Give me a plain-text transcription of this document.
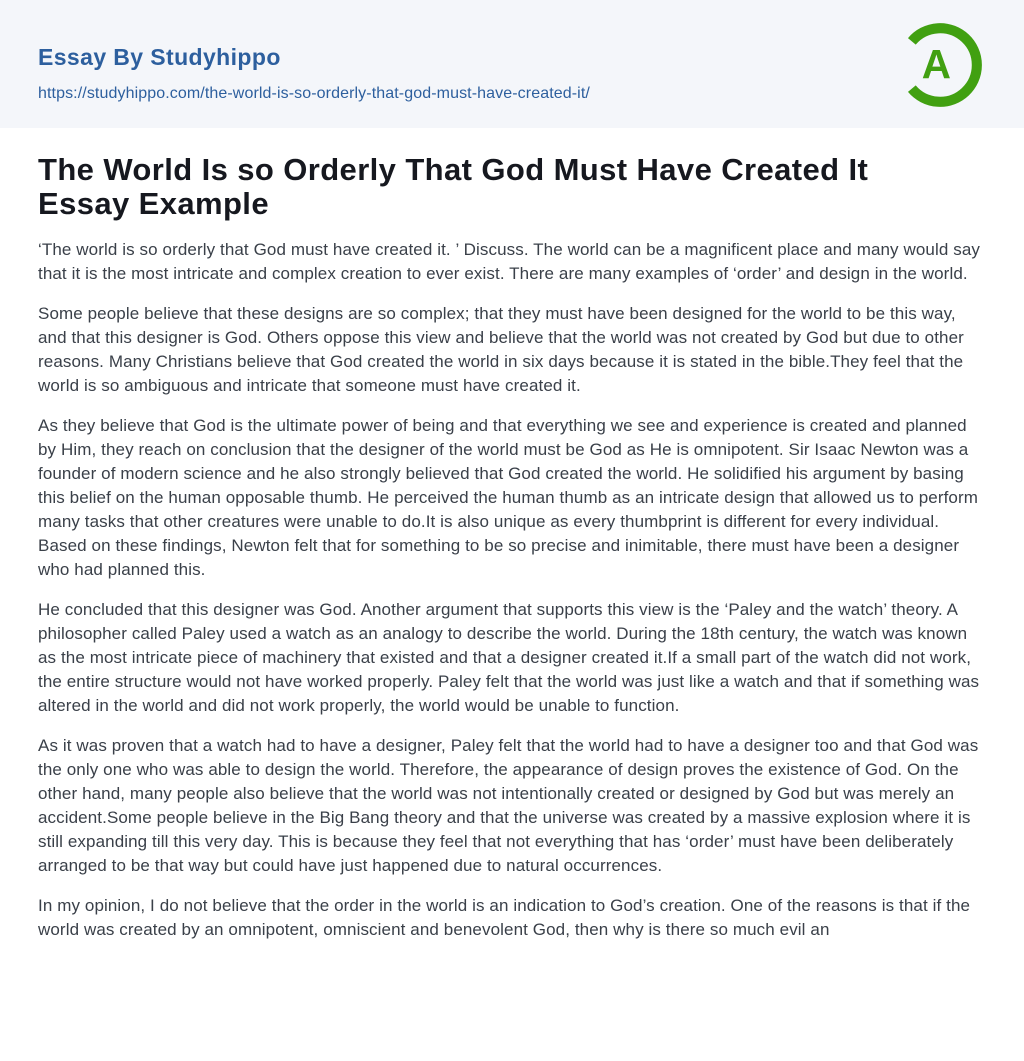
Essay By Studyhippo
https://studyhippo.com/the-world-is-so-orderly-that-god-must-have-created-it/
A
The World Is so Orderly That God Must Have Created It Essay Example

‘The world is so orderly that God must have created it. ’ Discuss. The world can be a magnificent place and many would say that it is the most intricate and complex creation to ever exist. There are many examples of ‘order’ and design in the world.

Some people believe that these designs are so complex; that they must have been designed for the world to be this way, and that this designer is God. Others oppose this view and believe that the world was not created by God but due to other reasons. Many Christians believe that God created the world in six days because it is stated in the bible.They feel that the world is so ambiguous and intricate that someone must have created it.

As they believe that God is the ultimate power of being and that everything we see and experience is created and planned by Him, they reach on conclusion that the designer of the world must be God as He is omnipotent. Sir Isaac Newton was a founder of modern science and he also strongly believed that God created the world. He solidified his argument by basing this belief on the human opposable thumb. He perceived the human thumb as an intricate design that allowed us to perform many tasks that other creatures were unable to do.It is also unique as every thumbprint is different for every individual. Based on these findings, Newton felt that for something to be so precise and inimitable, there must have been a designer who had planned this.

He concluded that this designer was God. Another argument that supports this view is the ‘Paley and the watch’ theory. A philosopher called Paley used a watch as an analogy to describe the world. During the 18th century, the watch was known as the most intricate piece of machinery that existed and that a designer created it.If a small part of the watch did not work, the entire structure would not have worked properly. Paley felt that the world was just like a watch and that if something was altered in the world and did not work properly, the world would be unable to function.

As it was proven that a watch had to have a designer, Paley felt that the world had to have a designer too and that God was the only one who was able to design the world. Therefore, the appearance of design proves the existence of God. On the other hand, many people also believe that the world was not intentionally created or designed by God but was merely an accident.Some people believe in the Big Bang theory and that the universe was created by a massive explosion where it is still expanding till this very day. This is because they feel that not everything that has ‘order’ must have been deliberately arranged to be that way but could have just happened due to natural occurrences.

In my opinion, I do not believe that the order in the world is an indication to God’s creation. One of the reasons is that if the world was created by an omnipotent, omniscient and benevolent God, then why is there so much evil an
